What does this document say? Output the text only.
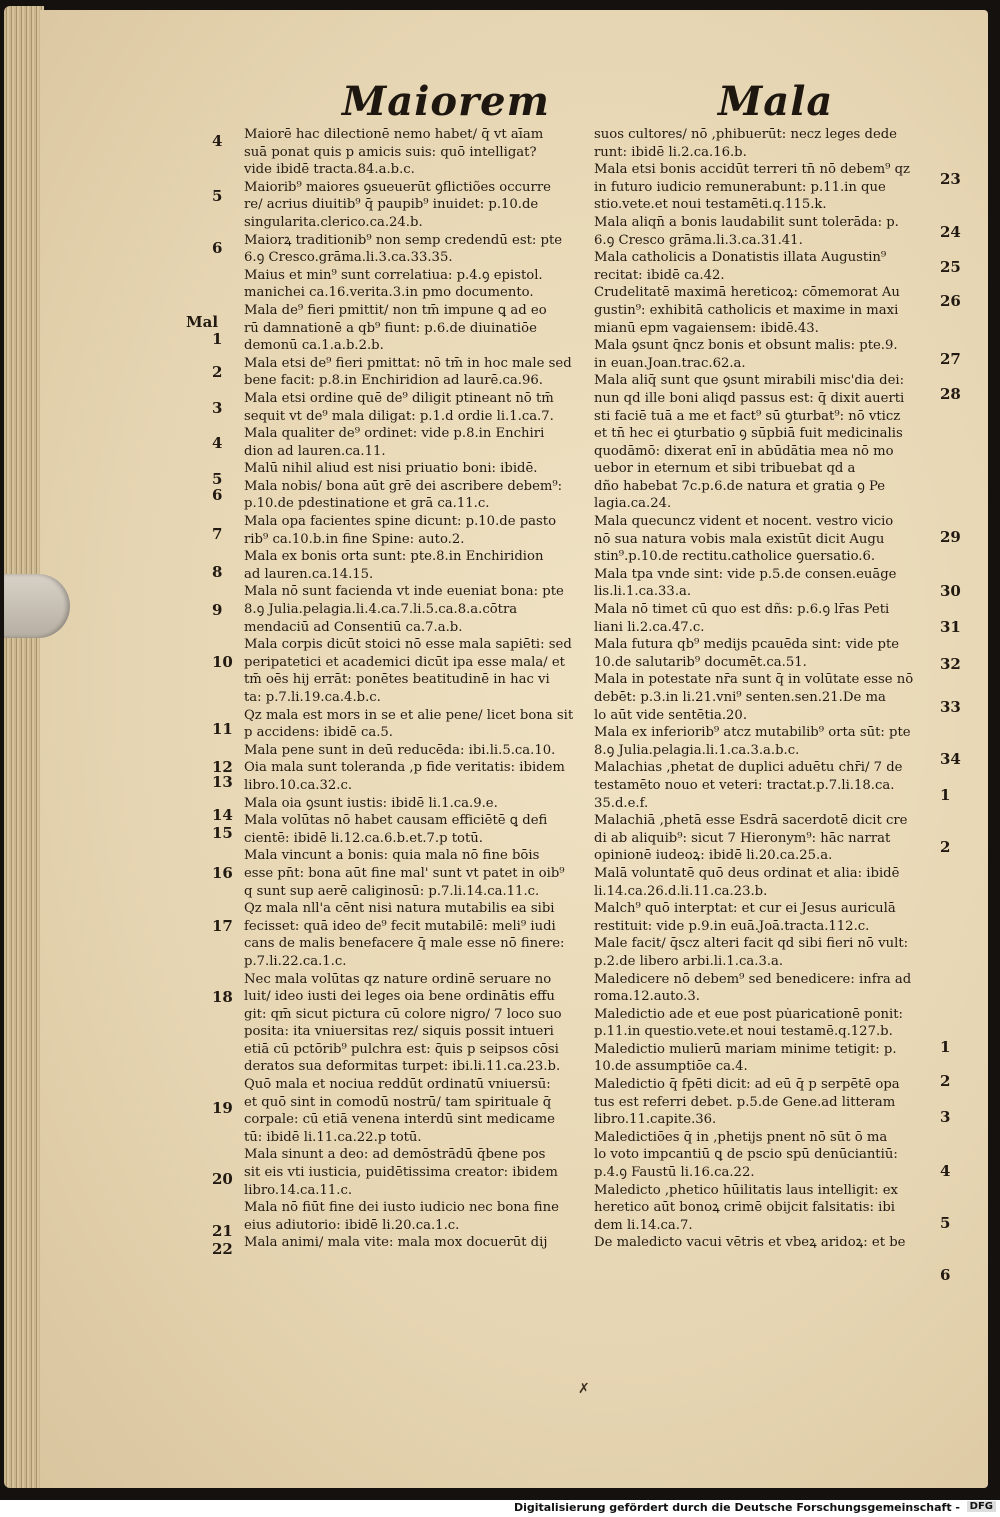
Maiorem	Mala
Mal
4
5
6
1
2
3
4
5
6
7
8
9
10
11
12
13
14
15
16
17
18
19
20
21
22
23
24
25
26
27
28
29
30
31
32
33
34
1
2
1
2
3
4
5
6
Maiorē hac dilectionē nemo habet/ q̄ vt aīam
suā ponat quis p amicis suis: quō intelligat?
vide ibidē tracta.84.a.b.c.
Maiorib⁹ maiores ꝯsueuerūt ꝯflictiões occurre
re/ acrius diuitib⁹ q̄ paupib⁹ inuidet: p.10.de
singularita.clerico.ca.24.b.
Maiorꝝ traditionib⁹ non semp credendū est: pte
6.ꝯ Cresco.grāma.li.3.ca.33.35.
Maius et min⁹ sunt correlatiua: p.4.ꝯ epistol.
manichei ca.16.verita.3.in pmo documento.
Mala de⁹ fieri pmittit/ non tm̄ impune ꝗ ad eo
rū damnationē a qb⁹ fiunt: p.6.de diuinatiōe
demonū ca.1.a.b.2.b.
Mala etsi de⁹ fieri pmittat: nō tm̄ in hoc male sed
bene facit: p.8.in Enchiridion ad laurē.ca.96.
Mala etsi ordine quē de⁹ diligit ptineant nō tm̄
sequit vt de⁹ mala diligat: p.1.d ordie li.1.ca.7.
Mala qualiter de⁹ ordinet: vide p.8.in Enchiri
dion ad lauren.ca.11.
Malū nihil aliud est nisi priuatio boni: ibidē.
Mala nobis/ bona aūt grē dei ascribere debem⁹:
p.10.de pdestinatione et grā ca.11.c.
Mala opa facientes spine dicunt: p.10.de pasto
rib⁹ ca.10.b.in fine Spine: auto.2.
Mala ex bonis orta sunt: pte.8.in Enchiridion
ad lauren.ca.14.15.
Mala nō sunt facienda vt inde eueniat bona: pte
8.ꝯ Julia.pelagia.li.4.ca.7.li.5.ca.8.a.cōtra
mendaciū ad Consentiū ca.7.a.b.
Mala corpis dicūt stoici nō esse mala sapiēti: sed
peripatetici et academici dicūt ipa esse mala/ et
tm̄ oēs hij errāt: ponētes beatitudinē in hac vi
ta: p.7.li.19.ca.4.b.c.
Qz mala est mors in se et alie pene/ licet bona sit
p accidens: ibidē ca.5.
Mala pene sunt in deū reducēda: ibi.li.5.ca.10.
Oia mala sunt toleranda ,p fide veritatis: ibidem
libro.10.ca.32.c.
Mala oia ꝯsunt iustis: ibidē li.1.ca.9.e.
Mala volūtas nō habet causam efficiētē ꝗ defi
cientē: ibidē li.12.ca.6.b.et.7.p totū.
Mala vincunt a bonis: quia mala nō fine bōis
esse pn̄t: bona aūt fine mal' sunt vt patet in oib⁹
q sunt sup aerē caliginosū: p.7.li.14.ca.11.c.
Qz mala nll'a cēnt nisi natura mutabilis ea sibi
fecisset: quā ideo de⁹ fecit mutabilē: meli⁹ iudi
cans de malis benefacere q̄ male esse nō finere:
p.7.li.22.ca.1.c.
Nec mala volūtas qz nature ordinē seruare no
luit/ ideo iusti dei leges oia bene ordinātis effu
git: qm̄ sicut pictura cū colore nigro/ 7 loco suo
posita: ita vniuersitas rez/ siquis possit intueri
etiā cū pctōrib⁹ pulchra est: q̄uis p seipsos cōsi
deratos sua deformitas turpet: ibi.li.11.ca.23.b.
Quō mala et nociua reddūt ordinatū vniuersū:
et quō sint in comodū nostrū/ tam spirituale q̄
corpale: cū etiā venena interdū sint medicame
tū: ibidē li.11.ca.22.p totū.
Mala sinunt a deo: ad demōstrādū q̄bene pos
sit eis vti iusticia, puidētissima creator: ibidem
libro.14.ca.11.c.
Mala nō fiūt fine dei iusto iudicio nec bona fine
eius adiutorio: ibidē li.20.ca.1.c.
Mala animi/ mala vite: mala mox docuerūt dij
suos cultores/ nō ,phibuerūt: necz leges dede
runt: ibidē li.2.ca.16.b.
Mala etsi bonis accidūt terreri tn̄ nō debem⁹ qz
in futuro iudicio remunerabunt: p.11.in que
stio.vete.et noui testamēti.q.115.k.
Mala aliqn̄ a bonis laudabilit sunt tolerāda: p.
6.ꝯ Cresco grāma.li.3.ca.31.41.
Mala catholicis a Donatistis illata Augustin⁹
recitat: ibidē ca.42.
Crudelitatē maximā hereticoꝝ: cōmemorat Au
gustin⁹: exhibitā catholicis et maxime in maxi
mianū epm vagaiensem: ibidē.43.
Mala ꝯsunt q̄ncz bonis et obsunt malis: pte.9.
in euan.Joan.trac.62.a.
Mala aliq̄ sunt que ꝯsunt mirabili misc'dia dei:
nun qd ille boni aliqd passus est: q̄ dixit auerti
sti faciē tuā a me et fact⁹ sū ꝯturbat⁹: nō vticz
et tn̄ hec ei ꝯturbatio ꝯ sūpbiā fuit medicinalis
quodāmō: dixerat enī in abūdātia mea nō mo
uebor in eternum et sibi tribuebat qd a
dño habebat 7c.p.6.de natura et gratia ꝯ Pe
lagia.ca.24.
Mala quecuncz vident et nocent. vestro vicio
nō sua natura vobis mala existūt dicit Augu
stin⁹.p.10.de rectitu.catholice ꝯuersatio.6.
Mala tpa vnde sint: vide p.5.de consen.euāge
lis.li.1.ca.33.a.
Mala nō timet cū quo est dñs: p.6.ꝯ lr̄as Peti
liani li.2.ca.47.c.
Mala futura qb⁹ medijs pcauēda sint: vide pte
10.de salutarib⁹ documēt.ca.51.
Mala in potestate nr̄a sunt q̄ in volūtate esse nō
debēt: p.3.in li.21.vni⁹ senten.sen.21.De ma
lo aūt vide sentētia.20.
Mala ex inferiorib⁹ atcz mutabilib⁹ orta sūt: pte
8.ꝯ Julia.pelagia.li.1.ca.3.a.b.c.
Malachias ,phetat de duplici aduētu chr̄i/ 7 de
testamēto nouo et veteri: tractat.p.7.li.18.ca.
35.d.e.f.
Malachiā ,phetā esse Esdrā sacerdotē dicit cre
di ab aliquib⁹: sicut 7 Hieronym⁹: hāc narrat
opinionē iudeoꝝ: ibidē li.20.ca.25.a.
Malā voluntatē quō deus ordinat et alia: ibidē
li.14.ca.26.d.li.11.ca.23.b.
Malch⁹ quō interptat: et cur ei Jesus auriculā
restituit: vide p.9.in euā.Joā.tracta.112.c.
Male facit/ q̄scz alteri facit qd sibi fieri nō vult:
p.2.de libero arbi.li.1.ca.3.a.
Maledicere nō debem⁹ sed benedicere: infra ad
roma.12.auto.3.
Maledictio ade et eue post pu̇aricationē ponit:
p.11.in questio.vete.et noui testamē.q.127.b.
Maledictio mulierū mariam minime tetigit: p.
10.de assumptiōe ca.4.
Maledictio q̄ fpēti dicit: ad eū q̄ p serpētē opa
tus est referri debet. p.5.de Gene.ad litteram
libro.11.capite.36.
Maledictiōes q̄ in ,phetijs pnent nō sūt ō ma
lo voto impcantiū ꝗ de pscio spū denūciantiū:
p.4.ꝯ Faustū li.16.ca.22.
Maledicto ,phetico hūilitatis laus intelligit: ex
heretico aūt bonoꝝ crimē obijcit falsitatis: ibi
dem li.14.ca.7.
De maledicto vacui vētris et vbeꝝ aridoꝝ: et be
✗
Digitalisierung gefördert durch die Deutsche Forschungsgemeinschaft - DFG
